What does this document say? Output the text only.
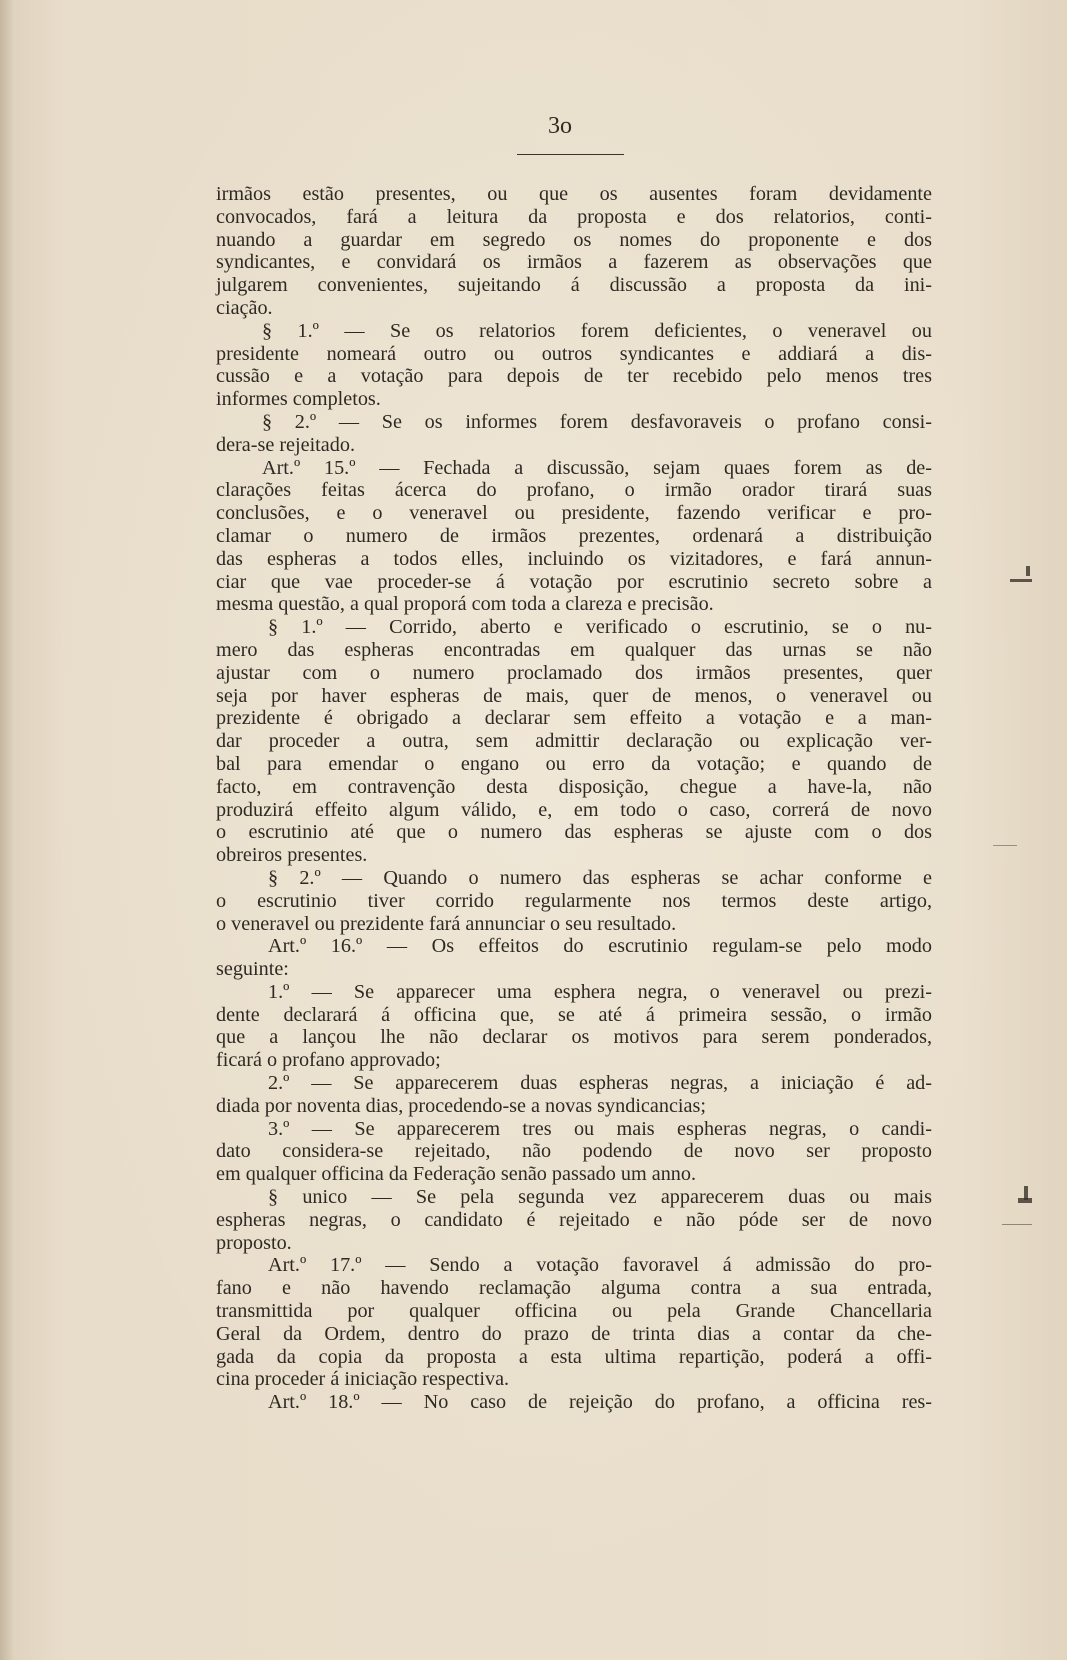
3o
irmãos estão presentes, ou que os ausentes foram devidamente
convocados, fará a leitura da proposta e dos relatorios, conti-
nuando a guardar em segredo os nomes do proponente e dos
syndicantes, e convidará os irmãos a fazerem as observações que
julgarem convenientes, sujeitando á discussão a proposta da ini-
ciação.
§ 1.º — Se os relatorios forem deficientes, o veneravel ou
presidente nomeará outro ou outros syndicantes e addiará a dis-
cussão e a votação para depois de ter recebido pelo menos tres
informes completos.
§ 2.º — Se os informes forem desfavoraveis o profano consi-
dera-se rejeitado.
Art.º 15.º — Fechada a discussão, sejam quaes forem as de-
clarações feitas ácerca do profano, o irmão orador tirará suas
conclusões, e o veneravel ou presidente, fazendo verificar e pro-
clamar o numero de irmãos prezentes, ordenará a distribuição
das espheras a todos elles, incluindo os vizitadores, e fará annun-
ciar que vae proceder-se á votação por escrutinio secreto sobre a
mesma questão, a qual proporá com toda a clareza e precisão.
§ 1.º — Corrido, aberto e verificado o escrutinio, se o nu-
mero das espheras encontradas em qualquer das urnas se não
ajustar com o numero proclamado dos irmãos presentes, quer
seja por haver espheras de mais, quer de menos, o veneravel ou
prezidente é obrigado a declarar sem effeito a votação e a man-
dar proceder a outra, sem admittir declaração ou explicação ver-
bal para emendar o engano ou erro da votação; e quando de
facto, em contravenção desta disposição, chegue a have-la, não
produzirá effeito algum válido, e, em todo o caso, correrá de novo
o escrutinio até que o numero das espheras se ajuste com o dos
obreiros presentes.
§ 2.º — Quando o numero das espheras se achar conforme e
o escrutinio tiver corrido regularmente nos termos deste artigo,
o veneravel ou prezidente fará annunciar o seu resultado.
Art.º 16.º — Os effeitos do escrutinio regulam-se pelo modo
seguinte:
1.º — Se apparecer uma esphera negra, o veneravel ou prezi-
dente declarará á officina que, se até á primeira sessão, o irmão
que a lançou lhe não declarar os motivos para serem ponderados,
ficará o profano approvado;
2.º — Se apparecerem duas espheras negras, a iniciação é ad-
diada por noventa dias, procedendo-se a novas syndicancias;
3.º — Se apparecerem tres ou mais espheras negras, o candi-
dato considera-se rejeitado, não podendo de novo ser proposto
em qualquer officina da Federação senão passado um anno.
§ unico — Se pela segunda vez apparecerem duas ou mais
espheras negras, o candidato é rejeitado e não póde ser de novo
proposto.
Art.º 17.º — Sendo a votação favoravel á admissão do pro-
fano e não havendo reclamação alguma contra a sua entrada,
transmittida por qualquer officina ou pela Grande Chancellaria
Geral da Ordem, dentro do prazo de trinta dias a contar da che-
gada da copia da proposta a esta ultima repartição, poderá a offi-
cina proceder á iniciação respectiva.
Art.º 18.º — No caso de rejeição do profano, a officina res-
